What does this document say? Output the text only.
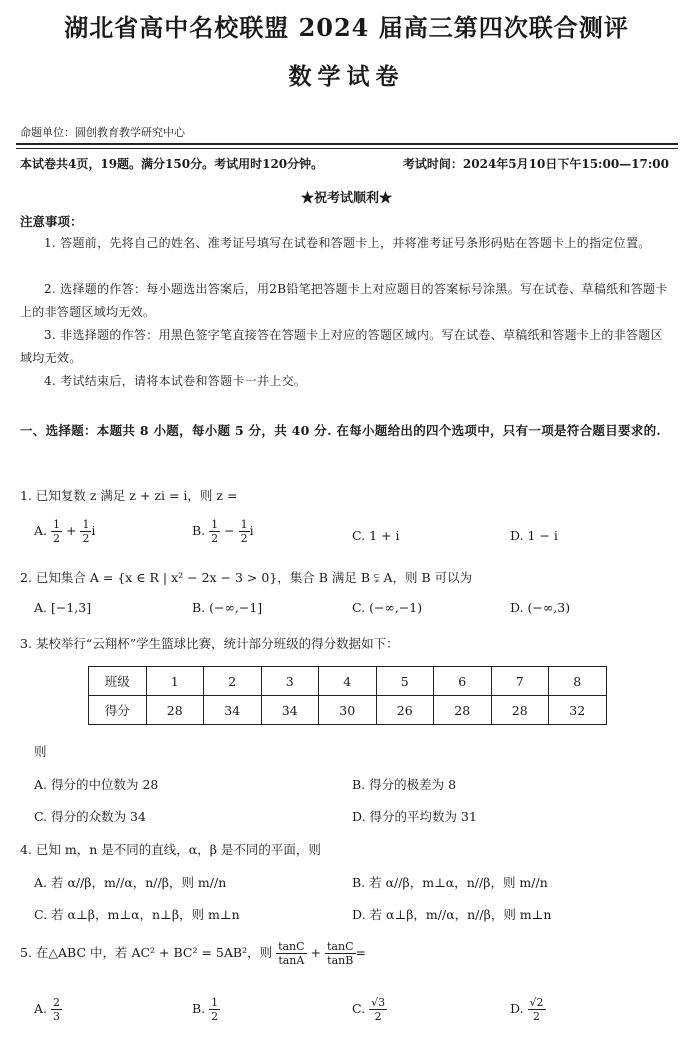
湖北省高中名校联盟 2024 届高三第四次联合测评
数学试卷
命题单位：圆创教育教学研究中心
本试卷共4页，19题。满分150分。考试用时120分钟。	考试时间：2024年5月10日下午15:00—17:00
★祝考试顺利★
注意事项：
1. 答题前，先将自己的姓名、准考证号填写在试卷和答题卡上，并将准考证号条形码贴在答题卡上的指定位置。
2. 选择题的作答：每小题选出答案后，用2B铅笔把答题卡上对应题目的答案标号涂黑。写在试卷、草稿纸和答题卡上的非答题区域均无效。
3. 非选择题的作答：用黑色签字笔直接答在答题卡上对应的答题区域内。写在试卷、草稿纸和答题卡上的非答题区域均无效。
4. 考试结束后，请将本试卷和答题卡一并上交。
一、选择题：本题共 8 小题，每小题 5 分，共 40 分. 在每小题给出的四个选项中，只有一项是符合题目要求的.
1. 已知复数 z 满足 z + zi = i，则 z =
A. $\frac{1}{2} + \frac{1}{2}$ i	B. $\frac{1}{2} - \frac{1}{2}$ i	C. 1 + i	D. 1 − i
2. 已知集合 A = {x ∈ R | x² − 2x − 3 > 0}，集合 B 满足 B ⫋ A，则 B 可以为
A. [−1,3]	B. (−∞,−1]	C. (−∞,−1)	D. (−∞,3)
3. 某校举行“云翔杯”学生篮球比赛，统计部分班级的得分数据如下：
班级	1	2	3	4	5	6	7	8
得分	28	34	34	30	26	28	28	32
则
A. 得分的中位数为 28	B. 得分的极差为 8
C. 得分的众数为 34	D. 得分的平均数为 31
4. 已知 m，n 是不同的直线，α，β 是不同的平面，则
A. 若 α//β，m//α，n//β，则 m//n	B. 若 α//β，m⊥α，n//β，则 m//n
C. 若 α⊥β，m⊥α，n⊥β，则 m⊥n	D. 若 α⊥β，m//α，n//β，则 m⊥n
5. 在△ABC 中，若 AC² + BC² = 5AB²，则 $\frac{\tan C}{\tan A} + \frac{\tan C}{\tan B}$ =
A. $\frac{2}{3}$	B. $\frac{1}{2}$	C. $\frac{√3}{2}$	D. $\frac{√2}{2}$
